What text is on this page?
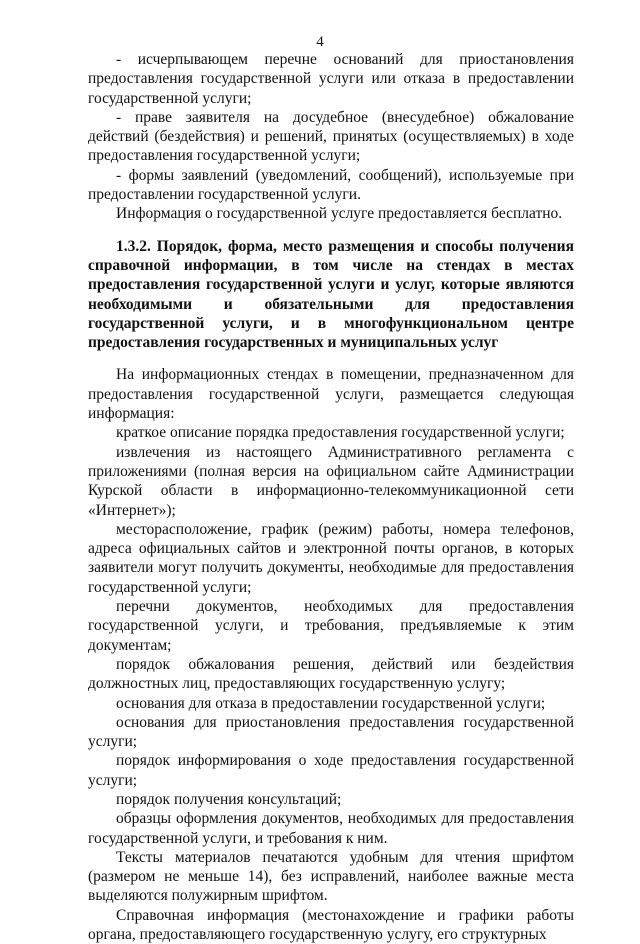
4

- исчерпывающем перечне оснований для приостановления предоставления государственной услуги или отказа в предоставлении государственной услуги;

- праве заявителя на досудебное (внесудебное) обжалование действий (бездействия) и решений, принятых (осуществляемых) в ходе предоставления государственной услуги;

- формы заявлений (уведомлений, сообщений), используемые при предоставлении государственной услуги.

Информация о государственной услуге предоставляется бесплатно.

1.3.2. Порядок, форма, место размещения и способы получения справочной информации, в том числе на стендах в местах предоставления государственной услуги и услуг, которые являются необходимыми и обязательными для предоставления государственной услуги, и в многофункциональном центре предоставления государственных и муниципальных услуг

На информационных стендах в помещении, предназначенном для предоставления государственной услуги, размещается следующая информация:

краткое описание порядка предоставления государственной услуги;

извлечения из настоящего Административного регламента с приложениями (полная версия на официальном сайте Администрации Курской области в информационно-телекоммуникационной сети «Интернет»);

месторасположение, график (режим) работы, номера телефонов, адреса официальных сайтов и электронной почты органов, в которых заявители могут получить документы, необходимые для предоставления государственной услуги;

перечни документов, необходимых для предоставления государственной услуги, и требования, предъявляемые к этим документам;

порядок обжалования решения, действий или бездействия должностных лиц, предоставляющих государственную услугу;

основания для отказа в предоставлении государственной услуги;

основания для приостановления предоставления государственной услуги;

порядок информирования о ходе предоставления государственной услуги;

порядок получения консультаций;

образцы оформления документов, необходимых для предоставления государственной услуги, и требования к ним.

Тексты материалов печатаются удобным для чтения шрифтом (размером не меньше 14), без исправлений, наиболее важные места выделяются полужирным шрифтом.

Справочная информация (местонахождение и графики работы органа, предоставляющего государственную услугу, его структурных
